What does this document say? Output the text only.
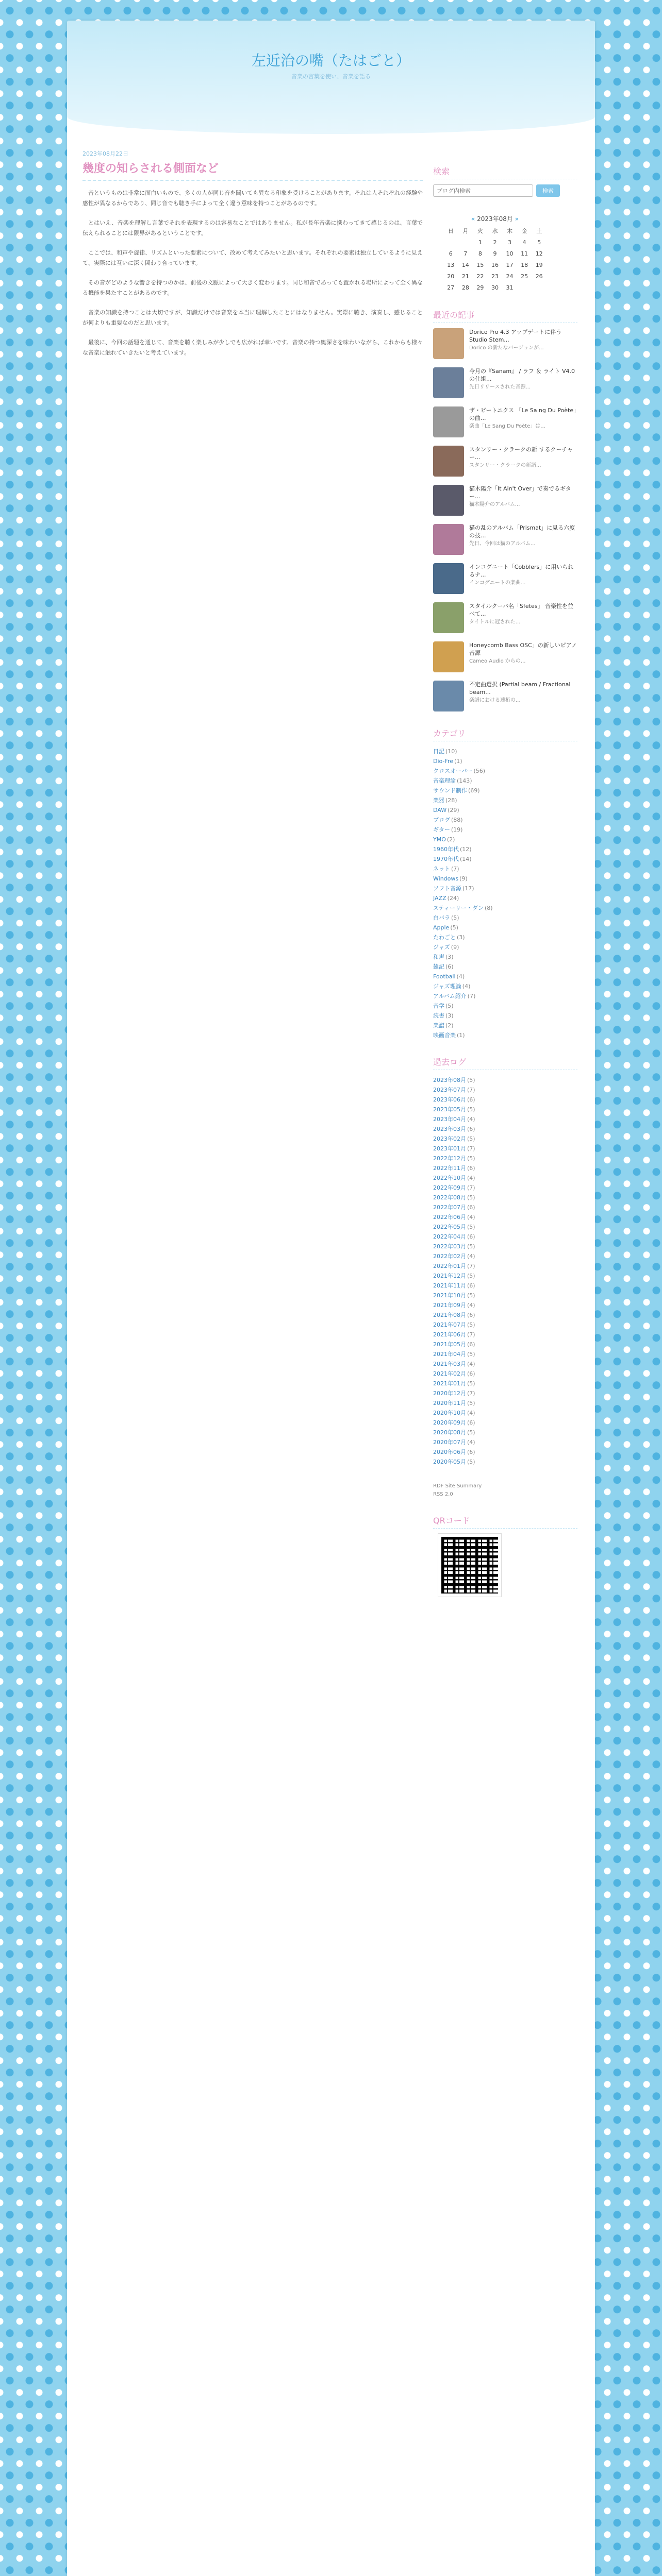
左近治の嘴（たはごと）
音楽の言葉を使い、音楽を語る
2023年08月22日
幾度の知らされる側面など

音というものは非常に面白いもので、多くの人が同じ音を聞いても異なる印象を受けることがあります。それは人それぞれの経験や感性が異なるからであり、同じ音でも聴き手によって全く違う意味を持つことがあるのです。

とはいえ、音楽を理解し言葉でそれを表現するのは容易なことではありません。私が長年音楽に携わってきて感じるのは、言葉で伝えられることには限界があるということです。

ここでは、和声や旋律、リズムといった要素について、改めて考えてみたいと思います。それぞれの要素は独立しているように見えて、実際には互いに深く関わり合っています。

その音がどのような響きを持つのかは、前後の文脈によって大きく変わります。同じ和音であっても置かれる場所によって全く異なる機能を果たすことがあるのです。

音楽の知識を持つことは大切ですが、知識だけでは音楽を本当に理解したことにはなりません。実際に聴き、演奏し、感じることが何よりも重要なのだと思います。

最後に、今回の話題を通じて、音楽を聴く楽しみが少しでも広がれば幸いです。音楽の持つ奥深さを味わいながら、これからも様々な音楽に触れていきたいと考えています。

検索
ブログ内検索
検索
« 2023年08月 »
日	月	火	水	木	金	土
		1	2	3	4	5
6	7	8	9	10	11	12
13	14	15	16	17	18	19
20	21	22	23	24	25	26
27	28	29	30	31		
最近の記事
Dorico Pro 4.3 アップデートに伴う Studio Stem...
Dorico の新たなバージョンが...
今月の『Sanam』 / ラフ ＆ ライト V4.0 の仕組...
先日リリースされた音源...
ザ・ビートニクス 「Le Sa ng Du Poète」の曲...
楽曲「Le Sang Du Poète」は...
スタンリー・クラークの新 するクーチャー...
スタンリー・クラークの新譜...
猫木陽介「It Ain't Over」で奏でるギター...
猫木陽介のアルバム...
猫の乱のアルバム「Prismat」に見る六度の技...
先日、今回は猫のアルバム...
インコグニート「Cobblers」に用いられるナ...
インコグニートの楽曲...
スタイルクーバ名「Sfetes」 音楽性を並べて...
タイトルに冠された...
Honeycomb Bass OSC」の新しいピアノ 音源
Cameo Audio からの...
不定曲選択 (Partial beam / Fractional beam...
楽譜における連桁の...
カテゴリ
日記 (10)
Dio-Fre (1)
クロスオーバー (56)
音楽理論 (143)
サウンド制作 (69)
楽器 (28)
DAW (29)
ブログ (88)
ギター (19)
YMO (2)
1960年代 (12)
1970年代 (14)
ネット (7)
Windows (9)
ソフト音源 (17)
JAZZ (24)
スティーリー・ダン (8)
白バラ (5)
Apple (5)
たわごと (3)
ジャズ (9)
和声 (3)
雑記 (6)
Football (4)
ジャズ理論 (4)
アルバム紹介 (7)
音学 (5)
読書 (3)
楽譜 (2)
映画音楽 (1)
過去ログ
2023年08月 (5)
2023年07月 (7)
2023年06月 (6)
2023年05月 (5)
2023年04月 (4)
2023年03月 (6)
2023年02月 (5)
2023年01月 (7)
2022年12月 (5)
2022年11月 (6)
2022年10月 (4)
2022年09月 (7)
2022年08月 (5)
2022年07月 (6)
2022年06月 (4)
2022年05月 (5)
2022年04月 (6)
2022年03月 (5)
2022年02月 (4)
2022年01月 (7)
2021年12月 (5)
2021年11月 (6)
2021年10月 (5)
2021年09月 (4)
2021年08月 (6)
2021年07月 (5)
2021年06月 (7)
2021年05月 (6)
2021年04月 (5)
2021年03月 (4)
2021年02月 (6)
2021年01月 (5)
2020年12月 (7)
2020年11月 (5)
2020年10月 (4)
2020年09月 (6)
2020年08月 (5)
2020年07月 (4)
2020年06月 (6)
2020年05月 (5)
RDF Site Summary
RSS 2.0
QRコード
